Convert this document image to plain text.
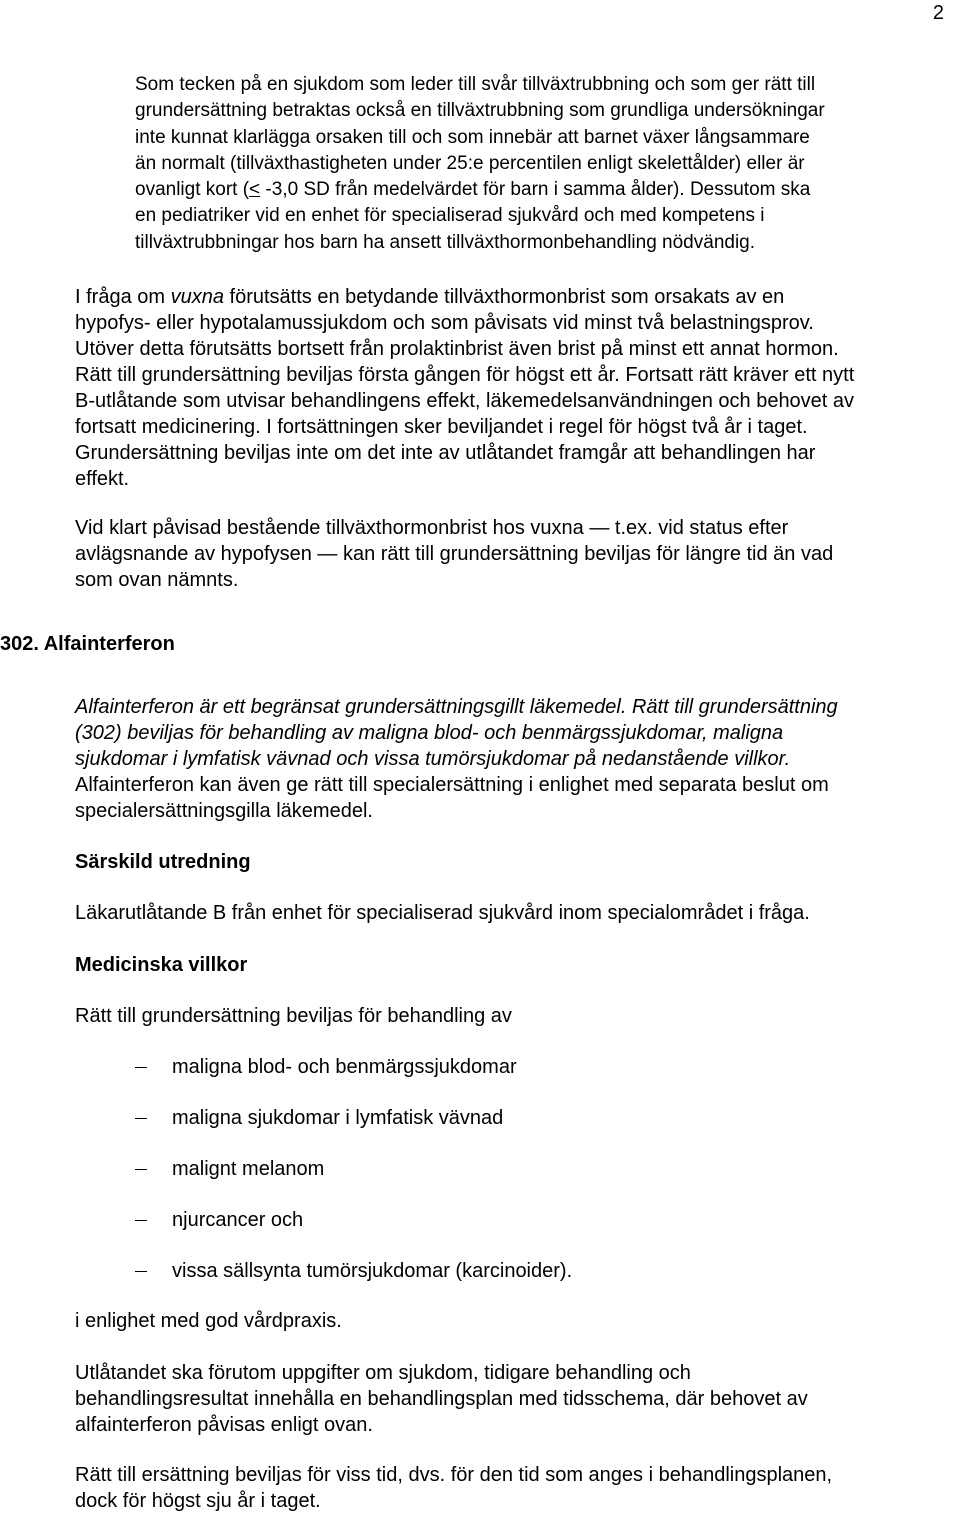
2
Som tecken på en sjukdom som leder till svår tillväxtrubbning och som ger rätt till
grundersättning betraktas också en tillväxtrubbning som grundliga undersökningar
inte kunnat klarlägga orsaken till och som innebär att barnet växer långsammare
än normalt (tillväxthastigheten under 25:e percentilen enligt skelettålder) eller är
ovanligt kort (< -3,0 SD från medelvärdet för barn i samma ålder). Dessutom ska
en pediatriker vid en enhet för specialiserad sjukvård och med kompetens i
tillväxtrubbningar hos barn ha ansett tillväxthormonbehandling nödvändig.
I fråga om vuxna förutsätts en betydande tillväxthormonbrist som orsakats av en
hypofys- eller hypotalamussjukdom och som påvisats vid minst två belastningsprov.
Utöver detta förutsätts bortsett från prolaktinbrist även brist på minst ett annat hormon.
Rätt till grundersättning beviljas första gången för högst ett år. Fortsatt rätt kräver ett nytt
B-utlåtande som utvisar behandlingens effekt, läkemedelsanvändningen och behovet av
fortsatt medicinering. I fortsättningen sker beviljandet i regel för högst två år i taget.
Grundersättning beviljas inte om det inte av utlåtandet framgår att behandlingen har
effekt.
Vid klart påvisad bestående tillväxthormonbrist hos vuxna — t.ex. vid status efter
avlägsnande av hypofysen — kan rätt till grundersättning beviljas för längre tid än vad
som ovan nämnts.
302. Alfainterferon
Alfainterferon är ett begränsat grundersättningsgillt läkemedel. Rätt till grundersättning
(302) beviljas för behandling av maligna blod- och benmärgssjukdomar, maligna
sjukdomar i lymfatisk vävnad och vissa tumörsjukdomar på nedanstående villkor.
Alfainterferon kan även ge rätt till specialersättning i enlighet med separata beslut om
specialersättningsgilla läkemedel.
Särskild utredning
Läkarutlåtande B från enhet för specialiserad sjukvård inom specialområdet i fråga.
Medicinska villkor
Rätt till grundersättning beviljas för behandling av
maligna blod- och benmärgssjukdomar
maligna sjukdomar i lymfatisk vävnad
malignt melanom
njurcancer och
vissa sällsynta tumörsjukdomar (karcinoider).
i enlighet med god vårdpraxis.
Utlåtandet ska förutom uppgifter om sjukdom, tidigare behandling och
behandlingsresultat innehålla en behandlingsplan med tidsschema, där behovet av
alfainterferon påvisas enligt ovan.
Rätt till ersättning beviljas för viss tid, dvs. för den tid som anges i behandlingsplanen,
dock för högst sju år i taget.
